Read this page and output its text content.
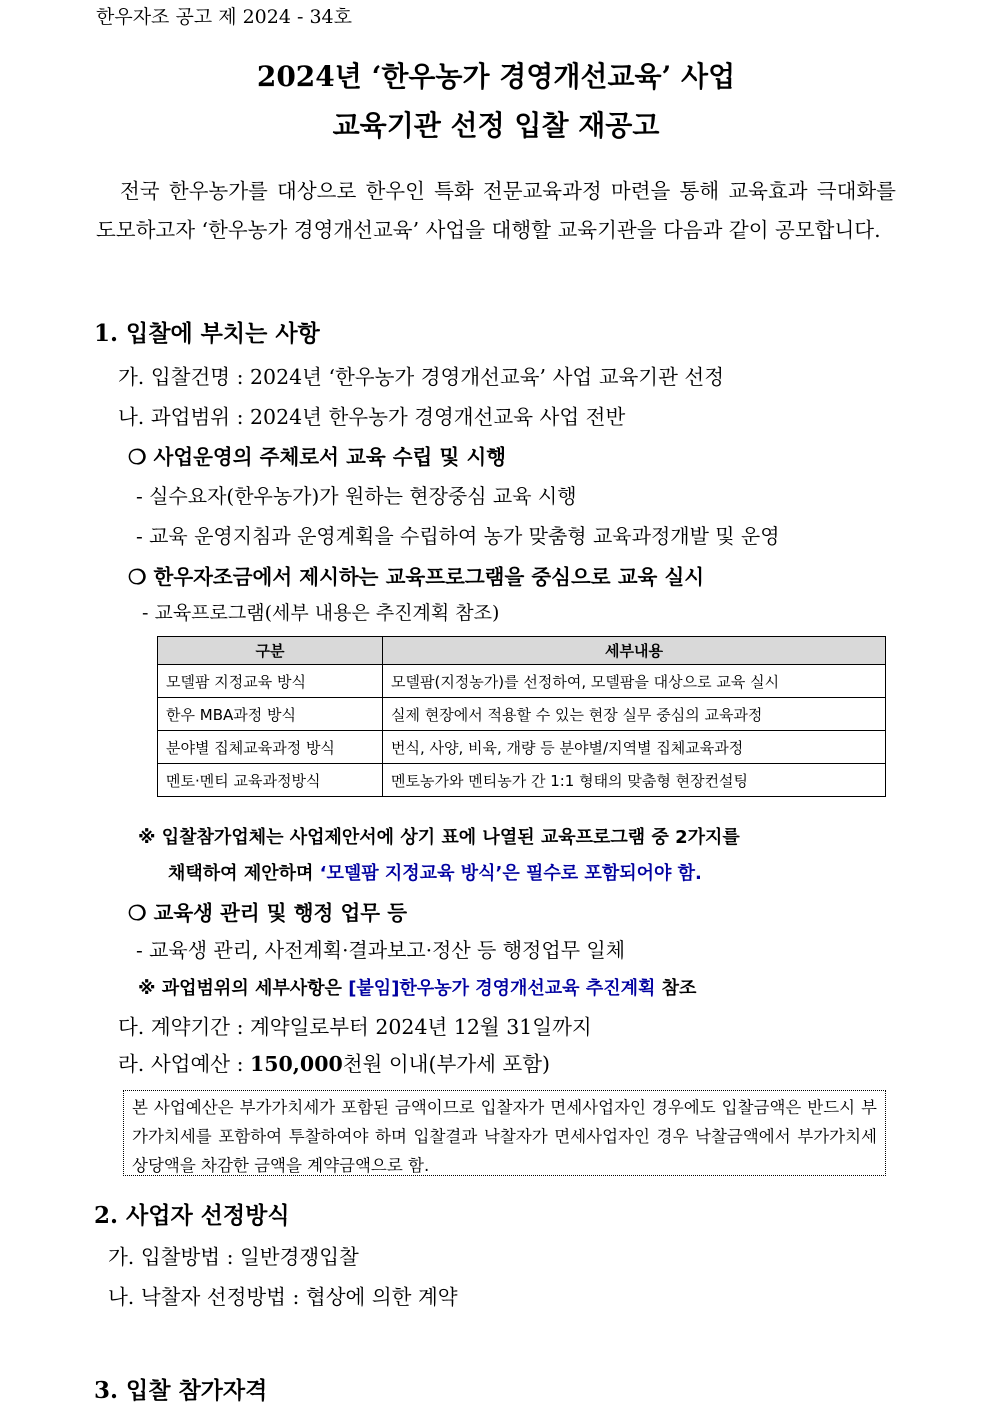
한우자조 공고 제 2024 - 34호
2024년 ‘한우농가 경영개선교육’ 사업
교육기관 선정 입찰 재공고
전국 한우농가를 대상으로 한우인 특화 전문교육과정 마련을 통해 교육효과 극대화를 도모하고자 ‘한우농가 경영개선교육’ 사업을 대행할 교육기관을 다음과 같이 공모합니다.
1. 입찰에 부치는 사항
가. 입찰건명 : 2024년 ‘한우농가 경영개선교육’ 사업 교육기관 선정
나. 과업범위 : 2024년 한우농가 경영개선교육 사업 전반
❍ 사업운영의 주체로서 교육 수립 및 시행
- 실수요자(한우농가)가 원하는 현장중심 교육 시행
- 교육 운영지침과 운영계획을 수립하여 농가 맞춤형 교육과정개발 및 운영
❍ 한우자조금에서 제시하는 교육프로그램을 중심으로 교육 실시
- 교육프로그램(세부 내용은 추진계획 참조)
구분	세부내용
모델팜 지정교육 방식	모델팜(지정농가)를 선정하여, 모델팜을 대상으로 교육 실시
한우 MBA과정 방식	실제 현장에서 적용할 수 있는 현장 실무 중심의 교육과정
분야별 집체교육과정 방식	번식, 사양, 비육, 개량 등 분야별/지역별 집체교육과정
멘토·멘티 교육과정방식	멘토농가와 멘티농가 간 1:1 형태의 맞춤형 현장컨설팅
※ 입찰참가업체는 사업제안서에 상기 표에 나열된 교육프로그램 중 2가지를
채택하여 제안하며 ‘모델팜 지정교육 방식’은 필수로 포함되어야 함.
❍ 교육생 관리 및 행정 업무 등
- 교육생 관리, 사전계획·결과보고·정산 등 행정업무 일체
※ 과업범위의 세부사항은 [붙임]한우농가 경영개선교육 추진계획 참조
다. 계약기간 : 계약일로부터 2024년 12월 31일까지
라. 사업예산 : 150,000천원 이내(부가세 포함)
본 사업예산은 부가가치세가 포함된 금액이므로 입찰자가 면세사업자인 경우에도 입찰금액은 반드시 부가가치세를 포함하여 투찰하여야 하며 입찰결과 낙찰자가 면세사업자인 경우 낙찰금액에서 부가가치세 상당액을 차감한 금액을 계약금액으로 함.
2. 사업자 선정방식
가. 입찰방법 : 일반경쟁입찰
나. 낙찰자 선정방법 : 협상에 의한 계약
3. 입찰 참가자격
